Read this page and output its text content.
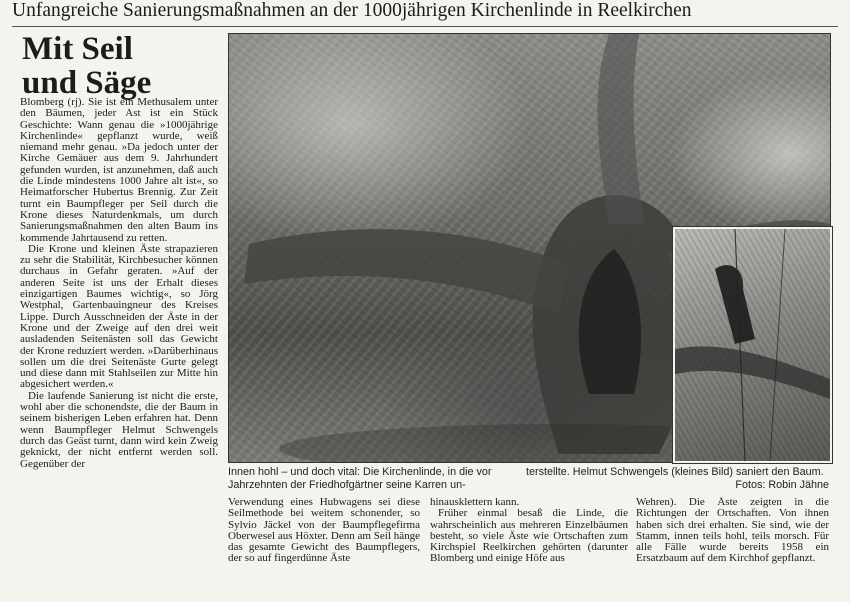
Unfangreiche Sanierungsmaßnahmen an der 1000jährigen Kirchenlinde in Reelkirchen
Mit Seil
und Säge

Blomberg (rj). Sie ist ein Methusalem unter den Bäumen, jeder Ast ist ein Stück Geschichte: Wann genau die »1000jährige Kirchenlinde« gepflanzt wurde, weiß niemand mehr genau. »Da jedoch unter der Kirche Gemäuer aus dem 9. Jahrhundert gefunden wurden, ist anzunehmen, daß auch die Linde mindestens 1000 Jahre alt ist«, so Heimatforscher Hubertus Brennig. Zur Zeit turnt ein Baumpfleger per Seil durch die Krone dieses Naturdenkmals, um durch Sanierungsmaßnahmen den alten Baum ins kommende Jahrtausend zu retten.

Die Krone und kleinen Äste strapazieren zu sehr die Stabilität, Kirchbesucher können durchaus in Gefahr geraten. »Auf der anderen Seite ist uns der Erhalt dieses einzigartigen Baumes wichtig«, so Jörg Westphal, Gartenbauingneur des Kreises Lippe. Durch Ausschneiden der Äste in der Krone und der Zweige auf den drei weit ausladenden Seitenästen soll das Gewicht der Krone reduziert werden. »Darüberhinaus sollen um die drei Seitenäste Gurte gelegt und diese dann mit Stahlseilen zur Mitte hin abgesichert werden.«

Die laufende Sanierung ist nicht die erste, wohl aber die schonendste, die der Baum in seinem bisherigen Leben erfahren hat. Denn wenn Baumpfleger Helmut Schwengels durch das Geäst turnt, dann wird kein Zweig geknickt, der nicht entfernt werden soll. Gegenüber der

Innen hohl – und doch vital: Die Kirchenlinde, in die vor Jahrzehnten der Friedhofgärtner seine Karren un-
terstellte. Helmut Schwengels (kleines Bild) saniert den Baum.
Fotos: Robin Jähne

Verwendung eines Hubwagens sei diese Seilmethode bei weitem schonender, so Sylvio Jäckel von der Baumpflegefirma Oberwesel aus Höxter. Denn am Seil hänge das gesamte Gewicht des Baumpflegers, der so auf fingerdünne Äste

hinausklettern kann.

Früher einmal besaß die Linde, die wahrscheinlich aus mehreren Einzelbäumen besteht, so viele Äste wie Ortschaften zum Kirchspiel Reelkirchen gehörten (darunter Blomberg und einige Höfe aus

Wehren). Die Äste zeigten in die Richtungen der Ortschaften. Von ihnen haben sich drei erhalten. Sie sind, wie der Stamm, innen teils hohl, teils morsch. Für alle Fälle wurde bereits 1958 ein Ersatzbaum auf dem Kirchhof gepflanzt.
